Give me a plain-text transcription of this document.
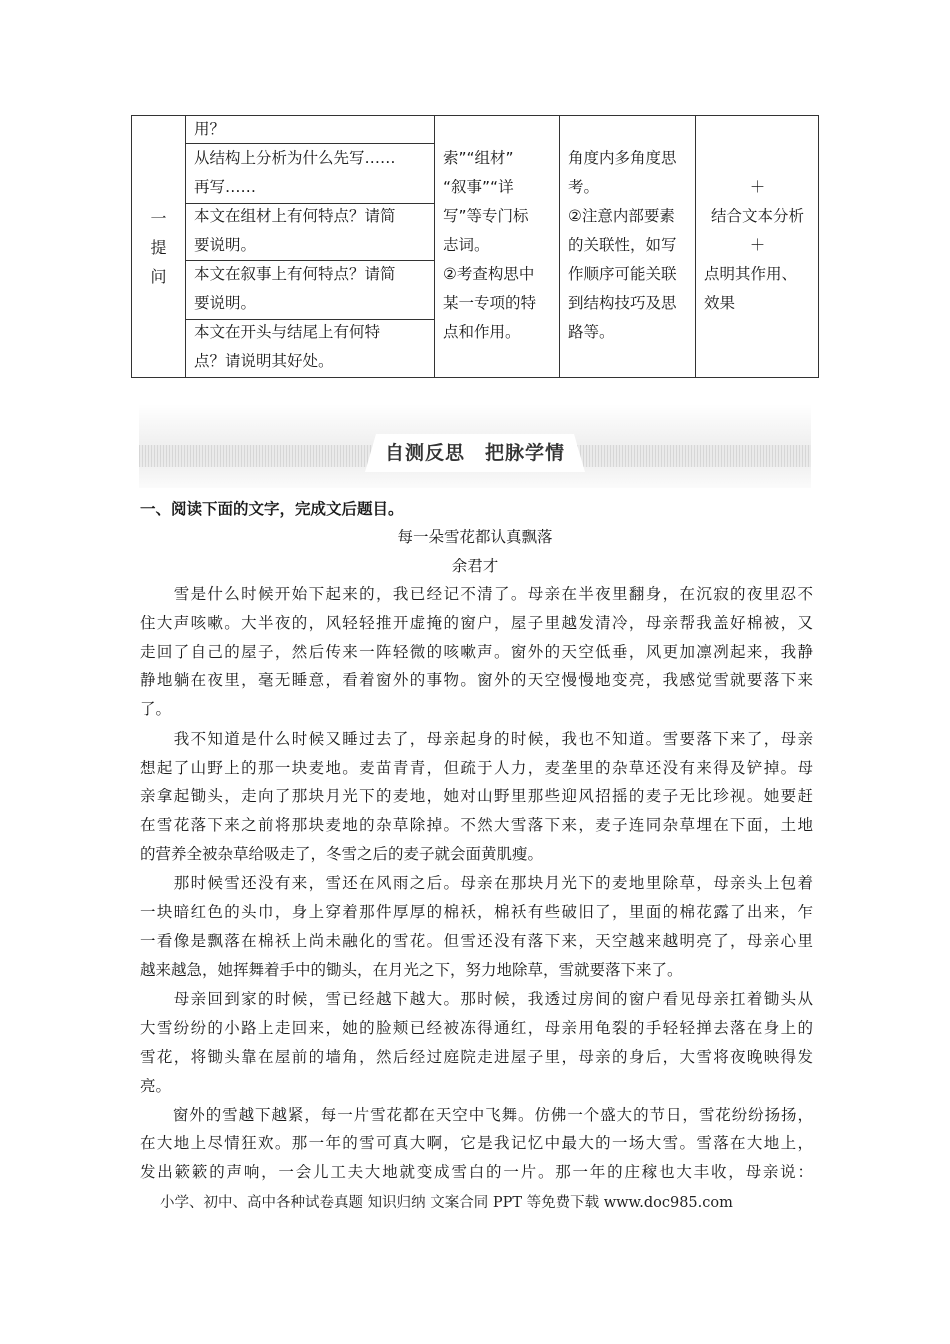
一
提
问
用？
从结构上分析为什么先写……
再写……
本文在组材上有何特点？请简
要说明。
本文在叙事上有何特点？请简
要说明。
本文在开头与结尾上有何特
点？请说明其好处。
索”“组材”
“叙事”“详
写”等专门标
志词。
②考查构思中
某一专项的特
点和作用。
角度内多角度思
考。
②注意内部要素
的关联性，如写
作顺序可能关联
到结构技巧及思
路等。
＋
结合文本分析
＋
点明其作用、
效果
自测反思　把脉学情
一、阅读下面的文字，完成文后题目。
每一朵雪花都认真飘落
余君才
　　雪是什么时候开始下起来的，我已经记不清了。母亲在半夜里翻身，在沉寂的夜里忍不
住大声咳嗽。大半夜的，风轻轻推开虚掩的窗户，屋子里越发清冷，母亲帮我盖好棉被，又
走回了自己的屋子，然后传来一阵轻微的咳嗽声。窗外的天空低垂，风更加凛冽起来，我静
静地躺在夜里，毫无睡意，看着窗外的事物。窗外的天空慢慢地变亮，我感觉雪就要落下来
了。
　　我不知道是什么时候又睡过去了，母亲起身的时候，我也不知道。雪要落下来了，母亲
想起了山野上的那一块麦地。麦苗青青，但疏于人力，麦垄里的杂草还没有来得及铲掉。母
亲拿起锄头，走向了那块月光下的麦地，她对山野里那些迎风招摇的麦子无比珍视。她要赶
在雪花落下来之前将那块麦地的杂草除掉。不然大雪落下来，麦子连同杂草埋在下面，土地
的营养全被杂草给吸走了，冬雪之后的麦子就会面黄肌瘦。
　　那时候雪还没有来，雪还在风雨之后。母亲在那块月光下的麦地里除草，母亲头上包着
一块暗红色的头巾，身上穿着那件厚厚的棉袄，棉袄有些破旧了，里面的棉花露了出来，乍
一看像是飘落在棉袄上尚未融化的雪花。但雪还没有落下来，天空越来越明亮了，母亲心里
越来越急，她挥舞着手中的锄头，在月光之下，努力地除草，雪就要落下来了。
　　母亲回到家的时候，雪已经越下越大。那时候，我透过房间的窗户看见母亲扛着锄头从
大雪纷纷的小路上走回来，她的脸颊已经被冻得通红，母亲用龟裂的手轻轻掸去落在身上的
雪花，将锄头靠在屋前的墙角，然后经过庭院走进屋子里，母亲的身后，大雪将夜晚映得发
亮。
　　窗外的雪越下越紧，每一片雪花都在天空中飞舞。仿佛一个盛大的节日，雪花纷纷扬扬，
在大地上尽情狂欢。那一年的雪可真大啊，它是我记忆中最大的一场大雪。雪落在大地上，
发出簌簌的声响，一会儿工夫大地就变成雪白的一片。那一年的庄稼也大丰收，母亲说：
小学、初中、高中各种试卷真题 知识归纳 文案合同 PPT 等免费下载 www.doc985.com
